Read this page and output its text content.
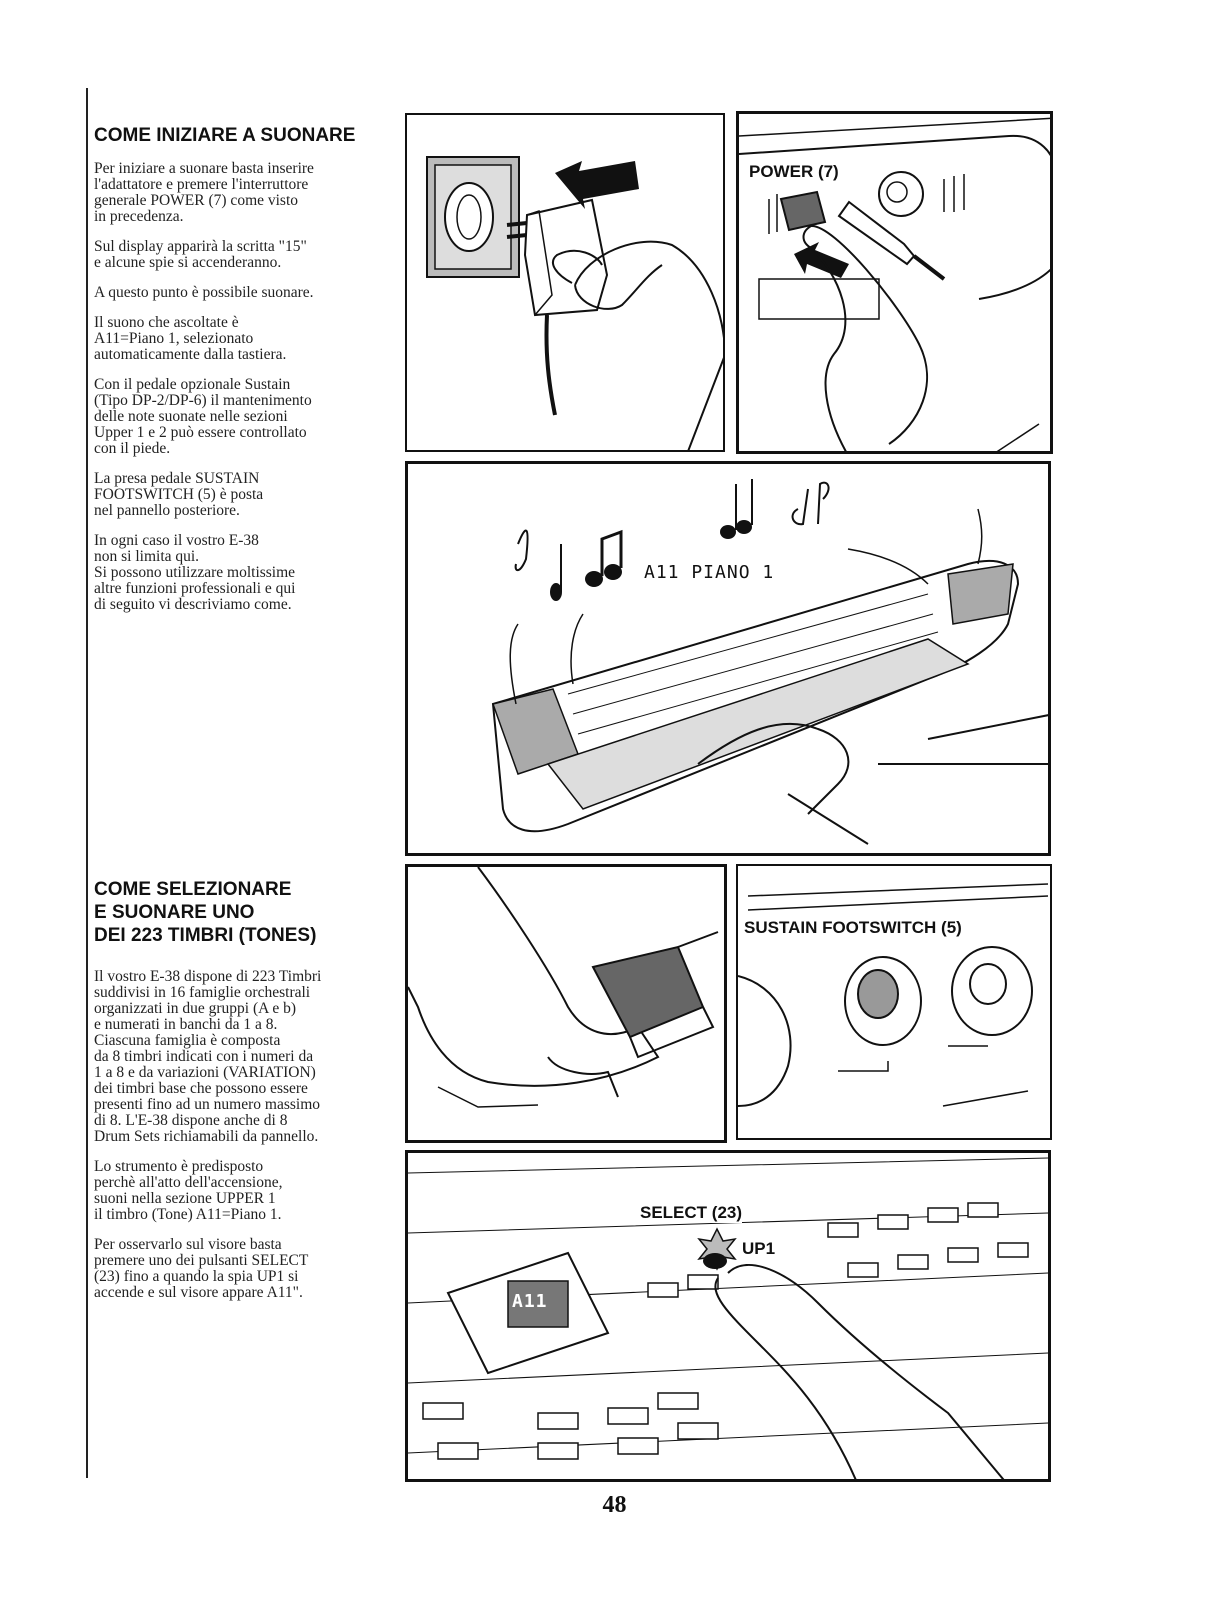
COME INIZIARE A SUONARE

Per iniziare a suonare basta inserire
l'adattatore e premere l'interruttore
generale POWER (7) come visto
in precedenza.

Sul display apparirà la scritta "15"
e alcune spie si accenderanno.

A questo punto è possibile suonare.

Il suono che ascoltate è
A11=Piano 1, selezionato
automaticamente dalla tastiera.

Con il pedale opzionale Sustain
(Tipo DP-2/DP-6) il mantenimento
delle note suonate nelle sezioni
Upper 1 e 2 può essere controllato
con il piede.

La presa pedale SUSTAIN
FOOTSWITCH (5) è posta
nel pannello posteriore.

In ogni caso il vostro E-38
non si limita qui.
Si possono utilizzare moltissime
altre funzioni professionali e qui
di seguito vi descriviamo come.

COME SELEZIONARE
E SUONARE UNO
DEI 223 TIMBRI (TONES)

Il vostro E-38 dispone di 223 Timbri
suddivisi in 16 famiglie orchestrali
organizzati in due gruppi (A e b)
e numerati in banchi da 1 a 8.
Ciascuna famiglia è composta
da 8 timbri indicati con i numeri da
1 a 8 e da variazioni (VARIATION)
dei timbri base che possono essere
presenti fino ad un numero massimo
di 8. L'E-38 dispone anche di 8
Drum Sets richiamabili da pannello.

Lo strumento è predisposto
perchè all'atto dell'accensione,
suoni nella sezione UPPER 1
il timbro (Tone) A11=Piano 1.

Per osservarlo sul visore basta
premere uno dei pulsanti SELECT
(23) fino a quando la spia UP1 si
accende e sul visore appare A11".

POWER (7)
A11 PIANO 1
SUSTAIN FOOTSWITCH (5)
SELECT (23)
UP1
A11
48
